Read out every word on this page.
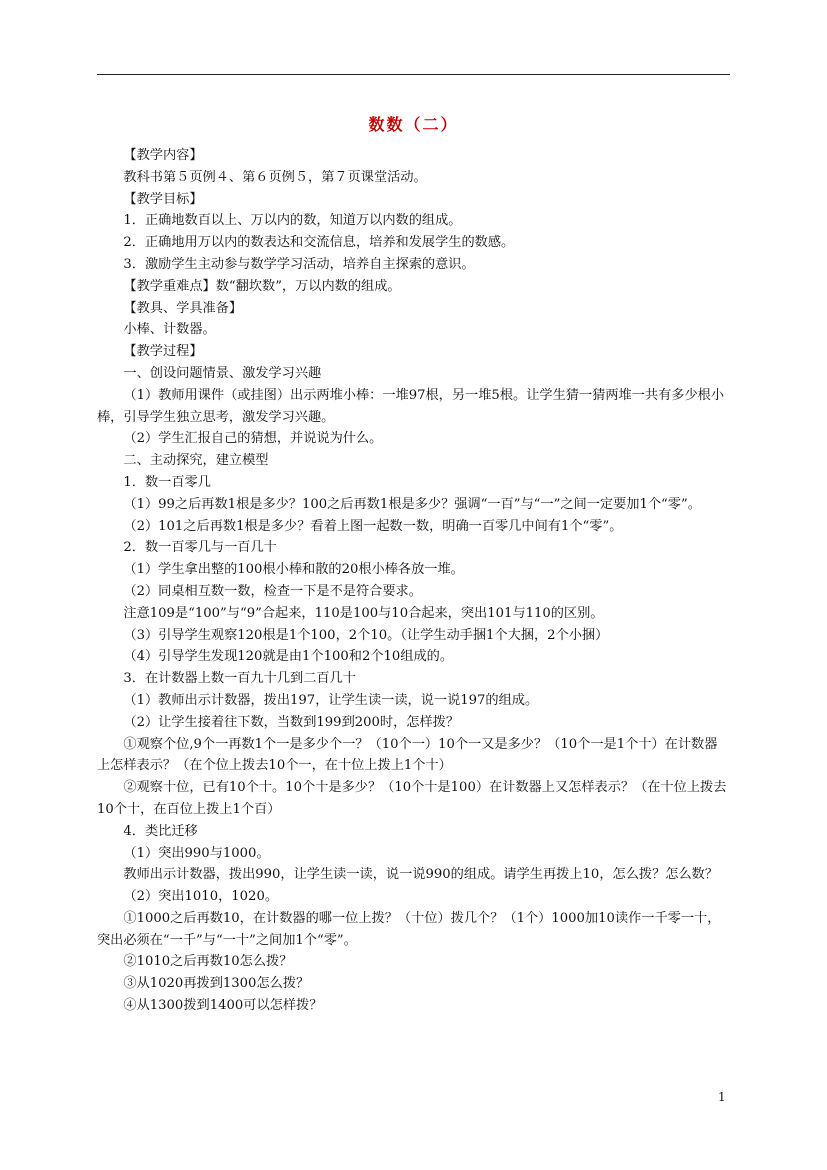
数数（二）

【教学内容】

教科书第５页例４、第６页例５，第７页课堂活动。

【教学目标】

1．正确地数百以上、万以内的数，知道万以内数的组成。

2．正确地用万以内的数表达和交流信息，培养和发展学生的数感。

3．激励学生主动参与数学学习活动，培养自主探索的意识。

【教学重难点】数“翻坎数”，万以内数的组成。

【教具、学具准备】

小棒、计数器。

【教学过程】

一、创设问题情景、激发学习兴趣

（1）教师用课件（或挂图）出示两堆小棒：一堆97根，另一堆5根。让学生猜一猜两堆一共有多少根小棒，引导学生独立思考，激发学习兴趣。

（2）学生汇报自己的猜想，并说说为什么。

二、主动探究，建立模型

1．数一百零几

（1）99之后再数1根是多少？100之后再数1根是多少？强调“一百”与“一”之间一定要加1个“零”。

（2）101之后再数1根是多少？看着上图一起数一数，明确一百零几中间有1个“零”。

2．数一百零几与一百几十

（1）学生拿出整的100根小棒和散的20根小棒各放一堆。

（2）同桌相互数一数，检查一下是不是符合要求。

注意109是“100”与“9”合起来，110是100与10合起来，突出101与110的区别。

（3）引导学生观察120根是1个100，2个10。（让学生动手捆1个大捆，2个小捆）

（4）引导学生发现120就是由1个100和2个10组成的。

3．在计数器上数一百九十几到二百几十

（1）教师出示计数器，拨出197，让学生读一读，说一说197的组成。

（2）让学生接着往下数，当数到199到200时，怎样拨？

①观察个位,9个一再数1个一是多少个一？（10个一）10个一又是多少？（10个一是1个十）在计数器上怎样表示？（在个位上拨去10个一，在十位上拨上1个十）

②观察十位，已有10个十。10个十是多少？（10个十是100）在计数器上又怎样表示？（在十位上拨去10个十，在百位上拨上1个百）

4．类比迁移

（1）突出990与1000。

教师出示计数器，拨出990，让学生读一读，说一说990的组成。请学生再拨上10，怎么拨？怎么数？

（2）突出1010，1020。

①1000之后再数10，在计数器的哪一位上拨？（十位）拨几个？（1个）1000加10读作一千零一十，突出必须在“一千”与“一十”之间加1个“零”。

②1010之后再数10怎么拨？

③从1020再拨到1300怎么拨？

④从1300拨到1400可以怎样拨？

1
